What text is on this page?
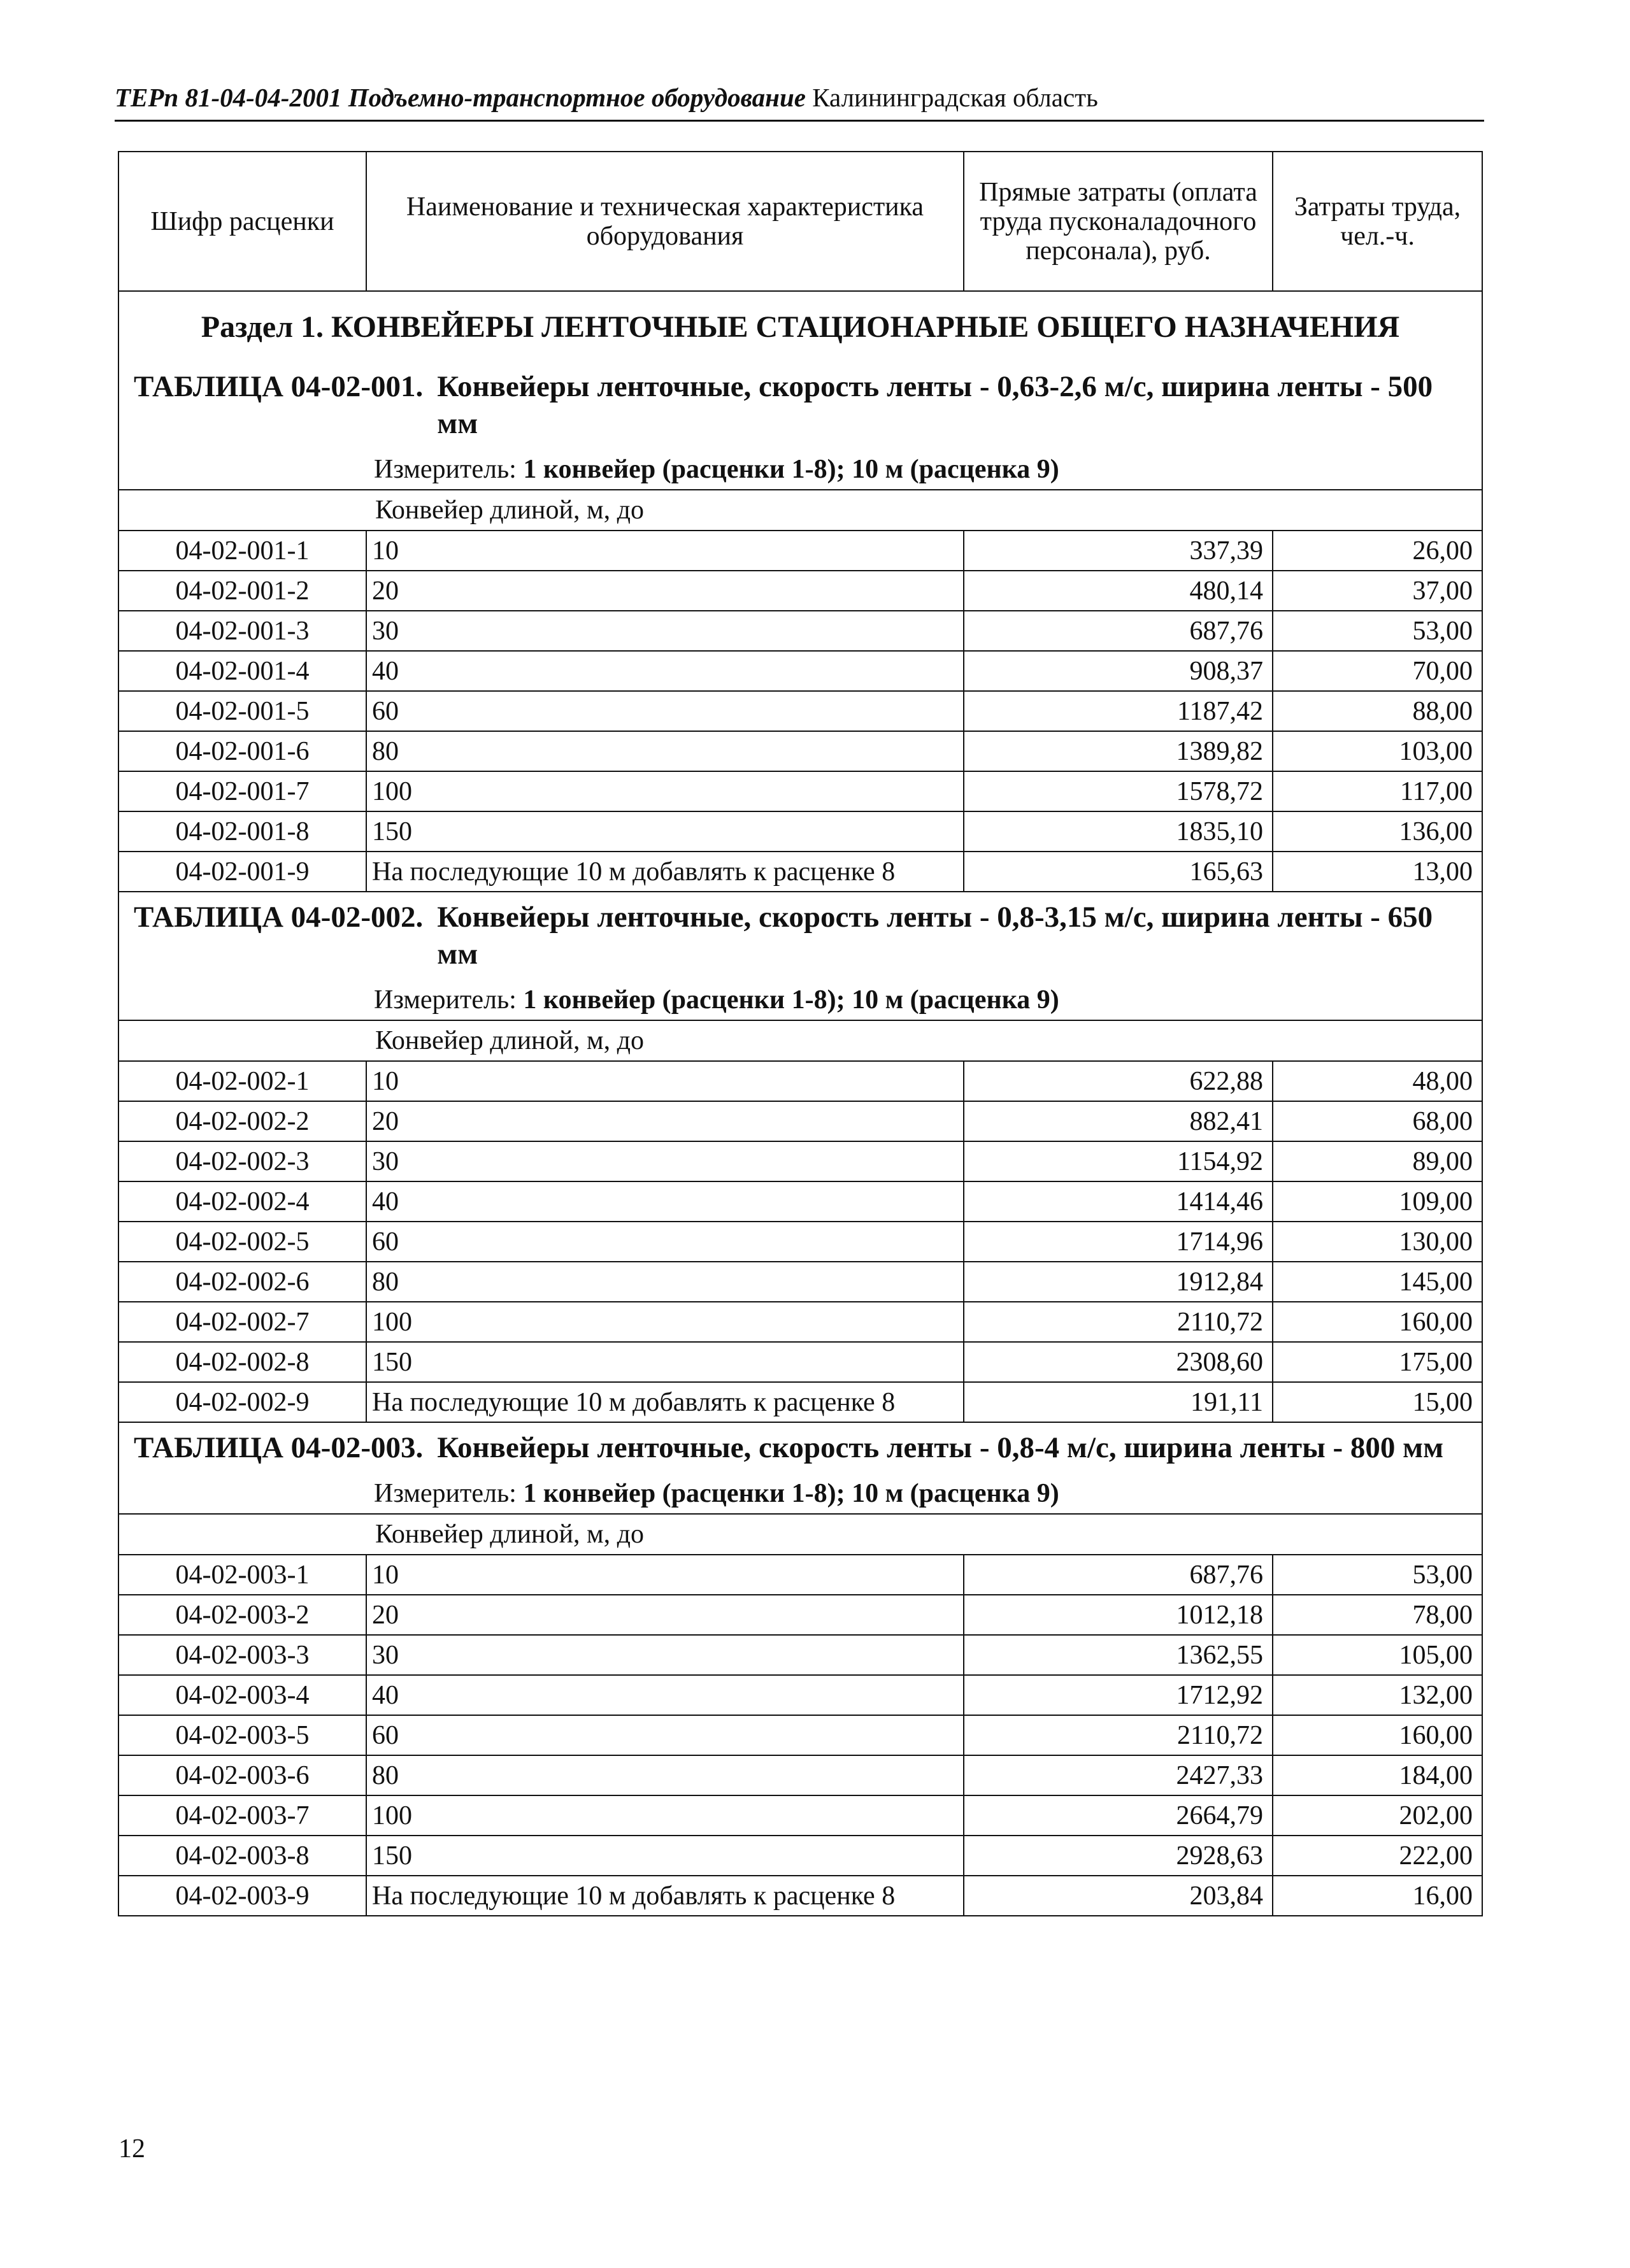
ТЕРп 81-04-04-2001 Подъемно-транспортное оборудование Калининградская область
Шифр расценки	Наименование и техническая характеристика оборудования	Прямые затраты (оплата труда пусконаладочного персонала), руб.	Затраты труда, чел.-ч.
Раздел 1. КОНВЕЙЕРЫ ЛЕНТОЧНЫЕ СТАЦИОНАРНЫЕ ОБЩЕГО НАЗНАЧЕНИЯ			

ТАБЛИЦА 04-02-001. Конвейеры ленточные, скорость ленты - 0,63-2,6 м/с, ширина ленты - 500 мм			

Измеритель: 1 конвейер (расценки 1-8); 10 м (расценка 9)			

Конвейер длиной, м, до			

04-02-001-1	10	337,39	26,00
04-02-001-2	20	480,14	37,00
04-02-001-3	30	687,76	53,00
04-02-001-4	40	908,37	70,00
04-02-001-5	60	1187,42	88,00
04-02-001-6	80	1389,82	103,00
04-02-001-7	100	1578,72	117,00
04-02-001-8	150	1835,10	136,00
04-02-001-9	На последующие 10 м добавлять к расценке 8	165,63	13,00

ТАБЛИЦА 04-02-002. Конвейеры ленточные, скорость ленты - 0,8-3,15 м/с, ширина ленты - 650 мм			

Измеритель: 1 конвейер (расценки 1-8); 10 м (расценка 9)			

Конвейер длиной, м, до			

04-02-002-1	10	622,88	48,00
04-02-002-2	20	882,41	68,00
04-02-002-3	30	1154,92	89,00
04-02-002-4	40	1414,46	109,00
04-02-002-5	60	1714,96	130,00
04-02-002-6	80	1912,84	145,00
04-02-002-7	100	2110,72	160,00
04-02-002-8	150	2308,60	175,00
04-02-002-9	На последующие 10 м добавлять к расценке 8	191,11	15,00

ТАБЛИЦА 04-02-003. Конвейеры ленточные, скорость ленты - 0,8-4 м/с, ширина ленты - 800 мм			

Измеритель: 1 конвейер (расценки 1-8); 10 м (расценка 9)			

Конвейер длиной, м, до			

04-02-003-1	10	687,76	53,00
04-02-003-2	20	1012,18	78,00
04-02-003-3	30	1362,55	105,00
04-02-003-4	40	1712,92	132,00
04-02-003-5	60	2110,72	160,00
04-02-003-6	80	2427,33	184,00
04-02-003-7	100	2664,79	202,00
04-02-003-8	150	2928,63	222,00
04-02-003-9	На последующие 10 м добавлять к расценке 8	203,84	16,00
12
